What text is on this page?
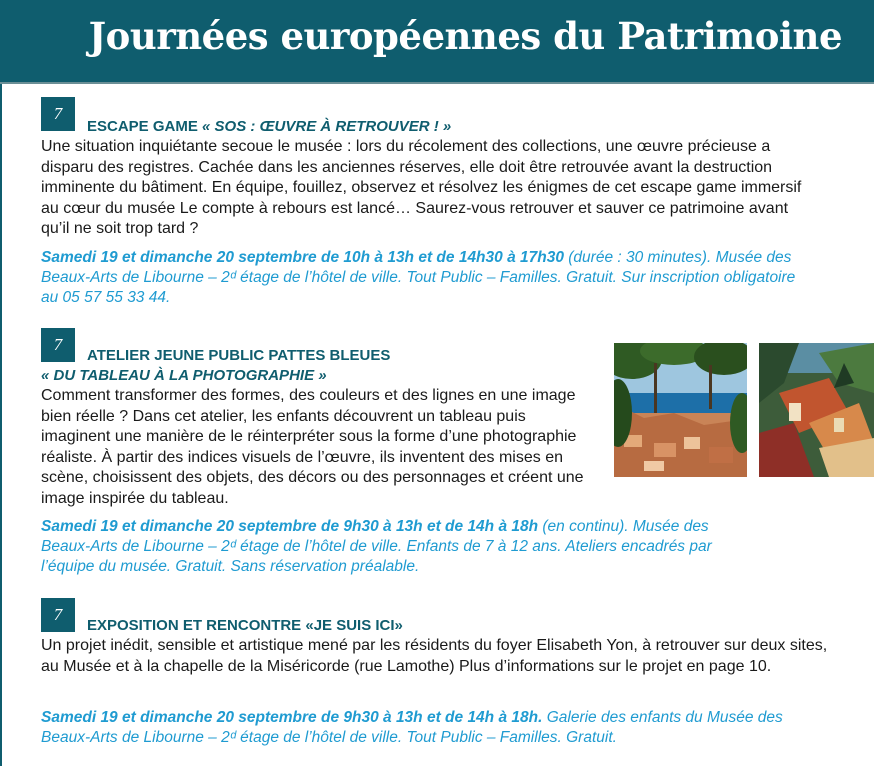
Journées européennes du Patrimoine
7

ESCAPE GAME « SOS : ŒUVRE À RETROUVER ! »

Une situation inquiétante secoue le musée : lors du récolement des collections, une œuvre précieuse a disparu des registres. Cachée dans les anciennes réserves, elle doit être retrouvée avant la destruction imminente du bâtiment. En équipe, fouillez, observez et résolvez les énigmes de cet escape game immersif au cœur du musée Le compte à rebours est lancé… Saurez-vous retrouver et sauver ce patrimoine avant qu’il ne soit trop tard ?

Samedi 19 et dimanche 20 septembre de 10h à 13h et de 14h30 à 17h30 (durée : 30 minutes). Musée des Beaux-Arts de Libourne – 2ᵈ étage de l’hôtel de ville. Tout Public – Familles. Gratuit. Sur inscription obligatoire au 05 57 55 33 44.

7

ATELIER JEUNE PUBLIC PATTES BLEUES

« DU TABLEAU À LA PHOTOGRAPHIE »

Comment transformer des formes, des couleurs et des lignes en une image bien réelle ? Dans cet atelier, les enfants découvrent un tableau puis imaginent une manière de le réinterpréter sous la forme d’une photographie réaliste. À partir des indices visuels de l’œuvre, ils inventent des mises en scène, choisissent des objets, des décors ou des personnages et créent une image inspirée du tableau.

Samedi 19 et dimanche 20 septembre de 9h30 à 13h et de 14h à 18h (en continu). Musée des Beaux-Arts de Libourne – 2ᵈ étage de l’hôtel de ville. Enfants de 7 à 12 ans. Ateliers encadrés par l’équipe du musée. Gratuit. Sans réservation préalable.

7

EXPOSITION ET RENCONTRE «JE SUIS ICI»

Un projet inédit, sensible et artistique mené par les résidents du foyer Elisabeth Yon, à retrouver sur deux sites, au Musée et à la chapelle de la Miséricorde (rue Lamothe) Plus d’informations sur le projet en page 10.

Samedi 19 et dimanche 20 septembre de 9h30 à 13h et de 14h à 18h. Galerie des enfants du Musée des Beaux-Arts de Libourne – 2ᵈ étage de l’hôtel de ville. Tout Public – Familles. Gratuit.
